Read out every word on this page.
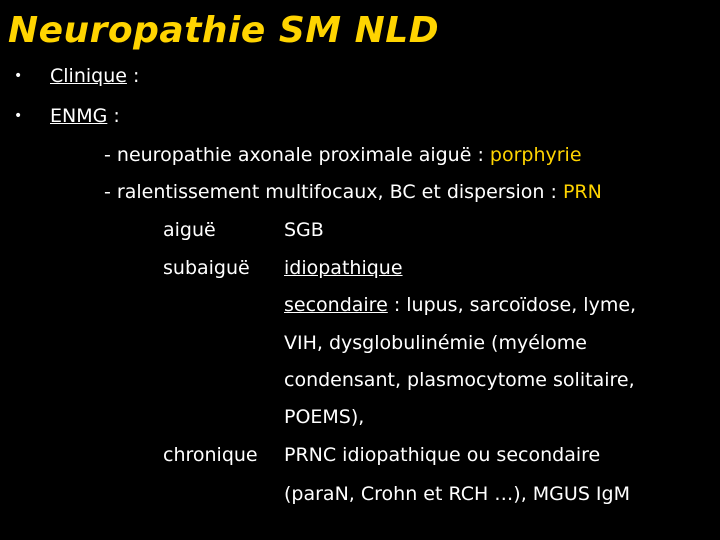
Neuropathie SM NLD
• Clinique :
• ENMG :
- neuropathie axonale proximale aiguë : porphyrie
- ralentissement multifocaux, BC et dispersion : PRN
aiguë	SGB
subaiguë idiopathique
secondaire : lupus, sarcoïdose, lyme,
VIH, dysglobulinémie (myélome
condensant, plasmocytome solitaire,
POEMS),
chronique PRNC idiopathique ou secondaire
(paraN, Crohn et RCH …), MGUS IgM
